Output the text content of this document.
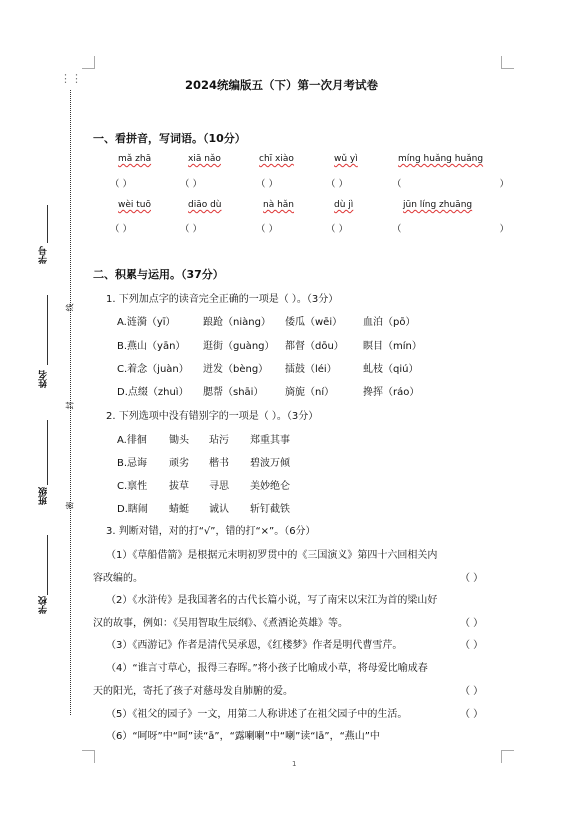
⋮⋮
学号
姓名
班级
学校
线
封
密
2024统编版五（下）第一次月考试卷
一、看拼音，写词语。（10分）
mǎ zhā	xiā nǎo	chī xiào	wǔ yì	míng huǎng huǎng
（ ）	（ ）	（ ）	（ ）	（	）
wèi tuō	diāo dù	nà hǎn	dù jì	jūn líng zhuāng
（ ）	（ ）	（ ）	（ ）	（	）
二、积累与运用。（37分）
1. 下列加点字的读音完全正确的一项是（ ）。（3分）
A.涟漪（yī）	踉跄（niàng） 倭瓜（wēi） 血泊（pō）
B.燕山（yān） 逛街（guàng） 都督（dōu） 瞑目（mín）
C.着念（juàn） 迸发（bèng） 擂鼓（léi）	虬枝（qiú）
D.点缀（zhuì） 腮帮（shāi） 旖旎（ní）	搀挥（ráo）
2. 下列选项中没有错别字的一项是（ ）。（3分）
A.徘徊 锄头 玷污 郑重其事
B.忌诲 顽劣 楷书 碧波万倾
C.禀性 拔草 寻思 美妙绝仑
D.瞎闹 蜻蜓 诚认 斩钉截铁
3. 判断对错，对的打“√”，错的打“×”。（6分）
（1）《草船借箭》是根据元末明初罗贯中的《三国演义》第四十六回相关内
容改编的。	（ ）
（2）《水浒传》是我国著名的古代长篇小说，写了南宋以宋江为首的梁山好
汉的故事，例如：《吴用智取生辰纲》、《煮酒论英雄》等。	（ ）
（3）《西游记》作者是清代吴承恩，《红楼梦》作者是明代曹雪芹。	（ ）
（4）“谁言寸草心，报得三春晖。”将小孩子比喻成小草，将母爱比喻成春
天的阳光，寄托了孩子对慈母发自肺腑的爱。	（ ）
（5）《祖父的园子》一文，用第二人称讲述了在祖父园子中的生活。	（ ）
（6）“呵呀”中“呵”读“ā”，“露喇喇”中“喇”读“lā”，“燕山”中
1
